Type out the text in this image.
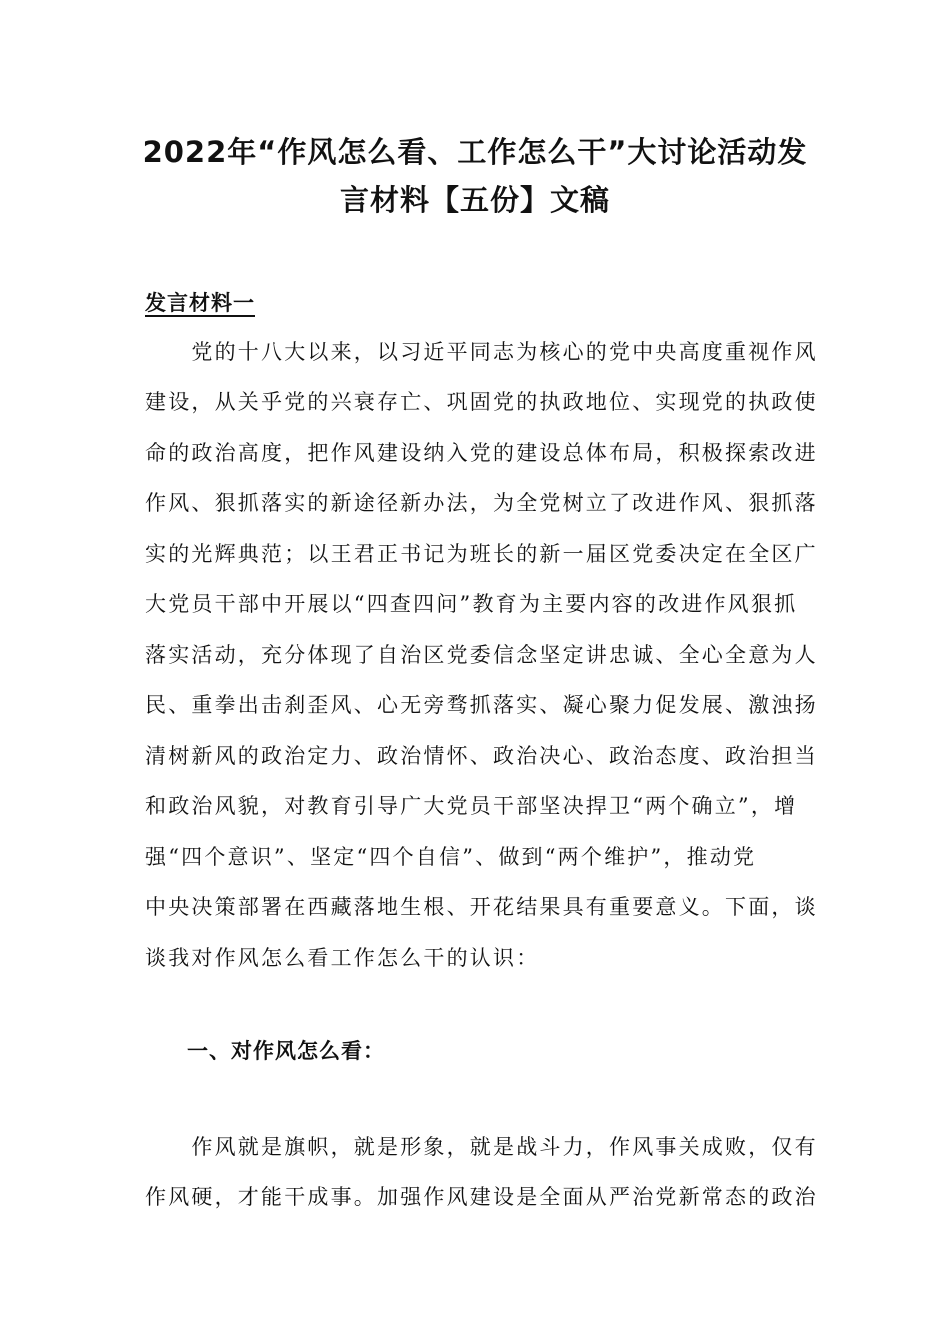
2022年“作风怎么看、工作怎么干”大讨论活动发
言材料【五份】文稿
发言材料一
　　党的十八大以来，以习近平同志为核心的党中央高度重视作风
建设，从关乎党的兴衰存亡、巩固党的执政地位、实现党的执政使
命的政治高度，把作风建设纳入党的建设总体布局，积极探索改进
作风、狠抓落实的新途径新办法，为全党树立了改进作风、狠抓落
实的光辉典范；以王君正书记为班长的新一届区党委决定在全区广
大党员干部中开展以“四查四问”教育为主要内容的改进作风狠抓
落实活动，充分体现了自治区党委信念坚定讲忠诚、全心全意为人
民、重拳出击刹歪风、心无旁骛抓落实、凝心聚力促发展、激浊扬
清树新风的政治定力、政治情怀、政治决心、政治态度、政治担当
和政治风貌，对教育引导广大党员干部坚决捍卫“两个确立”，增
强“四个意识”、坚定“四个自信”、做到“两个维护”，推动党
中央决策部署在西藏落地生根、开花结果具有重要意义。下面，谈
谈我对作风怎么看工作怎么干的认识：
一、对作风怎么看：
　　作风就是旗帜，就是形象，就是战斗力，作风事关成败，仅有
作风硬，才能干成事。加强作风建设是全面从严治党新常态的政治
